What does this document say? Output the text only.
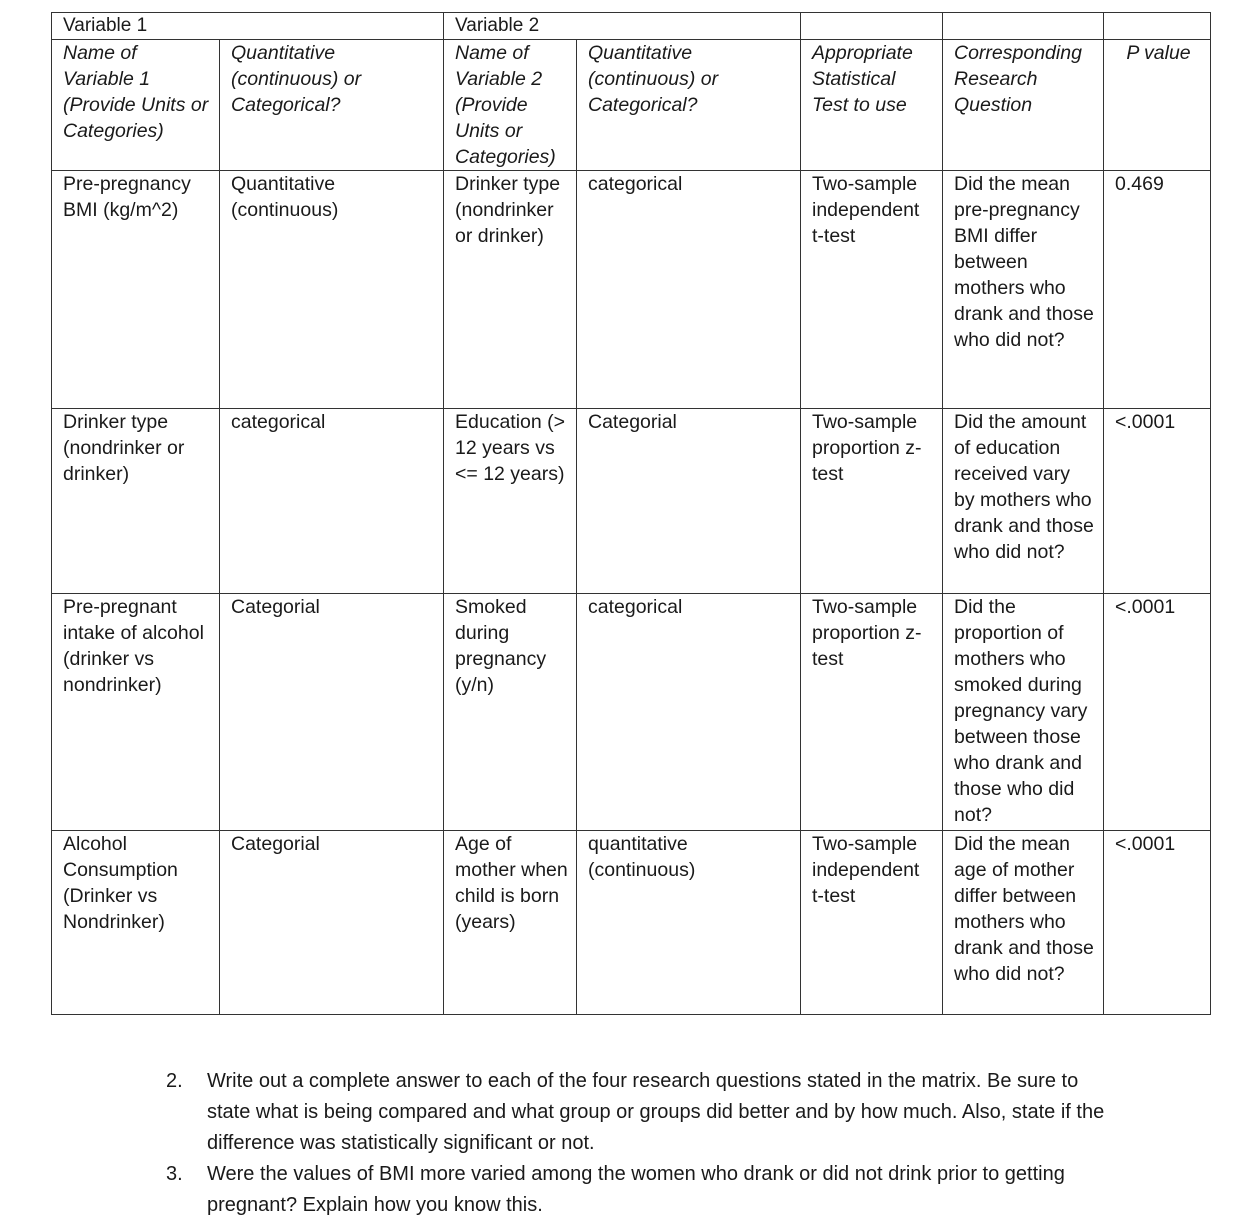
Variable 1		Variable 2				
Name of Variable 1 (Provide Units or Categories)	Quantitative (continuous) or Categorical?	Name of Variable 2 (Provide Units or Categories)	Quantitative (continuous) or Categorical?	Appropriate Statistical Test to use	Corresponding Research Question	P value
Pre-pregnancy BMI (kg/m^2)	Quantitative (continuous)	Drinker type (nondrinker or drinker)	categorical	Two-sample independent t-test	Did the mean pre-pregnancy BMI differ between mothers who drank and those who did not?	0.469
Drinker type (nondrinker or drinker)	categorical	Education (> 12 years vs <= 12 years)	Categorial	Two-sample proportion z-test	Did the amount of education received vary by mothers who drank and those who did not?	<.0001
Pre-pregnant intake of alcohol (drinker vs nondrinker)	Categorial	Smoked during pregnancy (y/n)	categorical	Two-sample proportion z-test	Did the proportion of mothers who smoked during pregnancy vary between those who drank and those who did not?	<.0001
Alcohol Consumption (Drinker vs Nondrinker)	Categorial	Age of mother when child is born (years)	quantitative (continuous)	Two-sample independent t-test	Did the mean age of mother differ between mothers who drank and those who did not?	<.0001
2.	Write out a complete answer to each of the four research questions stated in the matrix. Be sure to state what is being compared and what group or groups did better and by how much. Also, state if the difference was statistically significant or not.
3.	Were the values of BMI more varied among the women who drank or did not drink prior to getting pregnant? Explain how you know this.
